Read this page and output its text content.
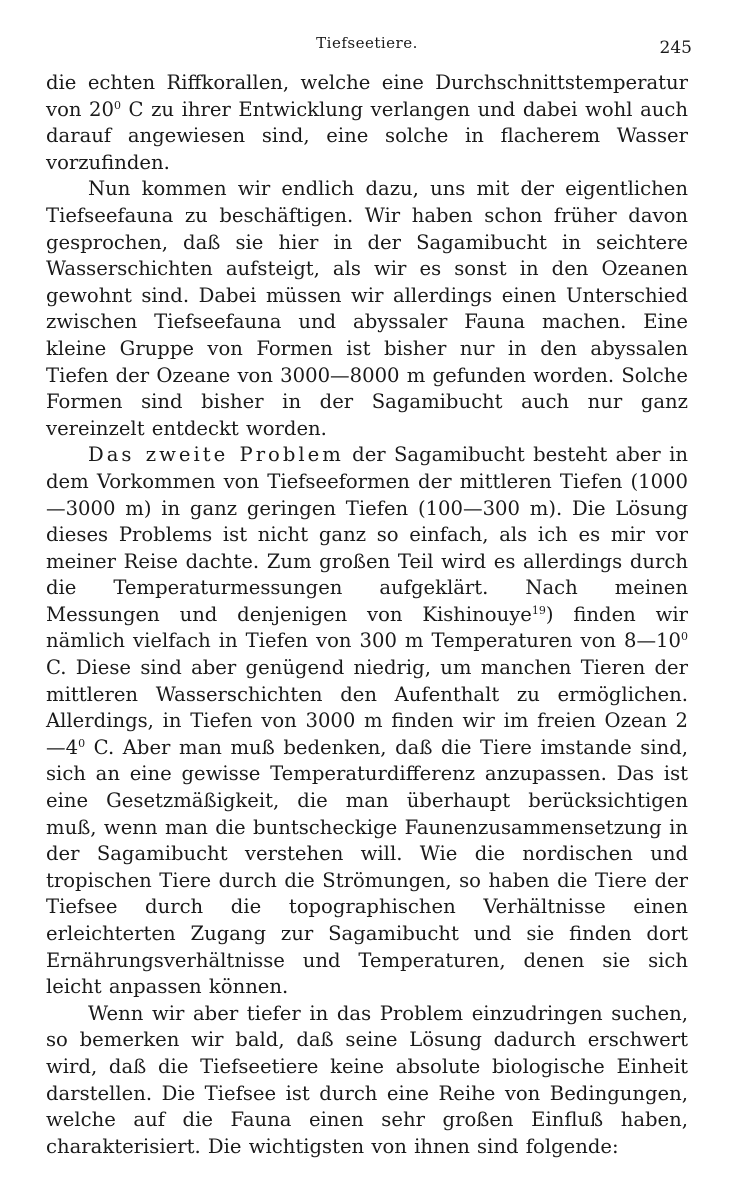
Tiefseetiere.	245

die echten Riffkorallen, welche eine Durchschnittstemperatur von $20^0$ C zu ihrer Entwicklung verlangen und dabei wohl auch darauf angewiesen sind, eine solche in flacherem Wasser vorzufinden.

Nun kommen wir endlich dazu, uns mit der eigentlichen Tiefseefauna zu beschäftigen. Wir haben schon früher davon gesprochen, daß sie hier in der Sagamibucht in seichtere Wasserschichten aufsteigt, als wir es sonst in den Ozeanen gewohnt sind. Dabei müssen wir allerdings einen Unterschied zwischen Tiefseefauna und abyssaler Fauna machen. Eine kleine Gruppe von Formen ist bisher nur in den abyssalen Tiefen der Ozeane von 3000—8000 m gefunden worden. Solche Formen sind bisher in der Sagamibucht auch nur ganz vereinzelt entdeckt worden.

Das zweite Problem der Sagamibucht besteht aber in dem Vorkommen von Tiefseeformen der mittleren Tiefen (1000—3000 m) in ganz geringen Tiefen (100—300 m). Die Lösung dieses Problems ist nicht ganz so einfach, als ich es mir vor meiner Reise dachte. Zum großen Teil wird es allerdings durch die Temperaturmessungen aufgeklärt. Nach meinen Messungen und denjenigen von Kishinouye$^{19}$) finden wir nämlich vielfach in Tiefen von 300 m Temperaturen von $8—10^0$ C. Diese sind aber genügend niedrig, um manchen Tieren der mittleren Wasserschichten den Aufenthalt zu ermöglichen. Allerdings, in Tiefen von 3000 m finden wir im freien Ozean $2—4^0$ C. Aber man muß bedenken, daß die Tiere imstande sind, sich an eine gewisse Temperaturdifferenz anzupassen. Das ist eine Gesetzmäßigkeit, die man überhaupt berücksichtigen muß, wenn man die buntscheckige Faunenzusammensetzung in der Sagamibucht verstehen will. Wie die nordischen und tropischen Tiere durch die Strömungen, so haben die Tiere der Tiefsee durch die topographischen Verhältnisse einen erleichterten Zugang zur Sagamibucht und sie finden dort Ernährungsverhältnisse und Temperaturen, denen sie sich leicht anpassen können.

Wenn wir aber tiefer in das Problem einzudringen suchen, so bemerken wir bald, daß seine Lösung dadurch erschwert wird, daß die Tiefseetiere keine absolute biologische Einheit darstellen. Die Tiefsee ist durch eine Reihe von Bedingungen, welche auf die Fauna einen sehr großen Einfluß haben, charakterisiert. Die wichtigsten von ihnen sind folgende:
